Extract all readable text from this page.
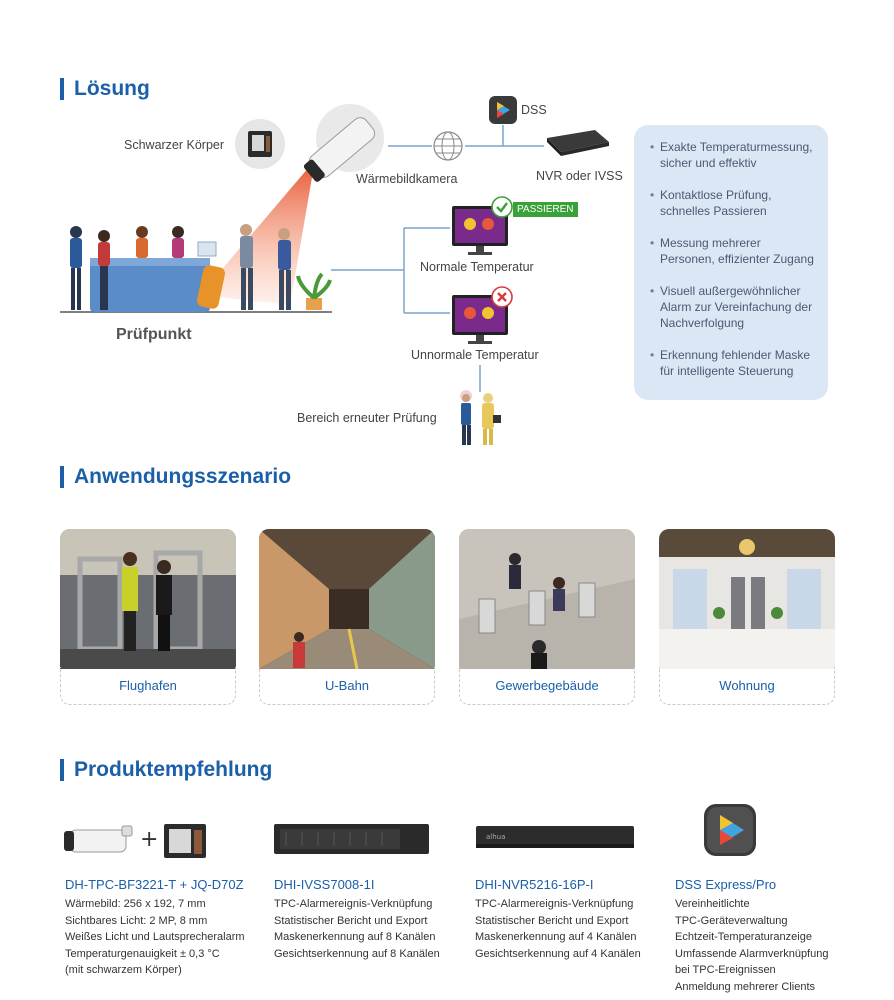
Lösung
Schwarzer Körper
Wärmebildkamera
DSS
NVR oder IVSS
Prüfpunkt
PASSIEREN
Normale Temperatur
Unnormale Temperatur
Bereich erneuter Prüfung
• Exakte Temperaturmessung, sicher und effektiv
• Kontaktlose Prüfung, schnelles Passieren
• Messung mehrerer Personen, effizienter Zugang
• Visuell außergewöhnlicher Alarm zur Vereinfachung der Nachverfolgung
• Erkennung fehlender Maske für intelligente Steuerung
Anwendungsszenario
Flughafen	U-Bahn	Gewerbegebäude	Wohnung
Produktempfehlung
+	alhua
DH-TPC-BF3221-T + JQ-D70Z
Wärmebild: 256 x 192, 7 mm
Sichtbares Licht: 2 MP, 8 mm
Weißes Licht und Lautsprecheralarm
Temperaturgenauigkeit ± 0,3 °C
(mit schwarzem Körper)
DHI-IVSS7008-1I
TPC-Alarmereignis-Verknüpfung
Statistischer Bericht und Export
Maskenerkennung auf 8 Kanälen
Gesichtserkennung auf 8 Kanälen
DHI-NVR5216-16P-I
TPC-Alarmereignis-Verknüpfung
Statistischer Bericht und Export
Maskenerkennung auf 4 Kanälen
Gesichtserkennung auf 4 Kanälen
DSS Express/Pro
Vereinheitlichte
TPC-Geräteverwaltung
Echtzeit-Temperaturanzeige
Umfassende Alarmverknüpfung
bei TPC-Ereignissen
Anmeldung mehrerer Clients
